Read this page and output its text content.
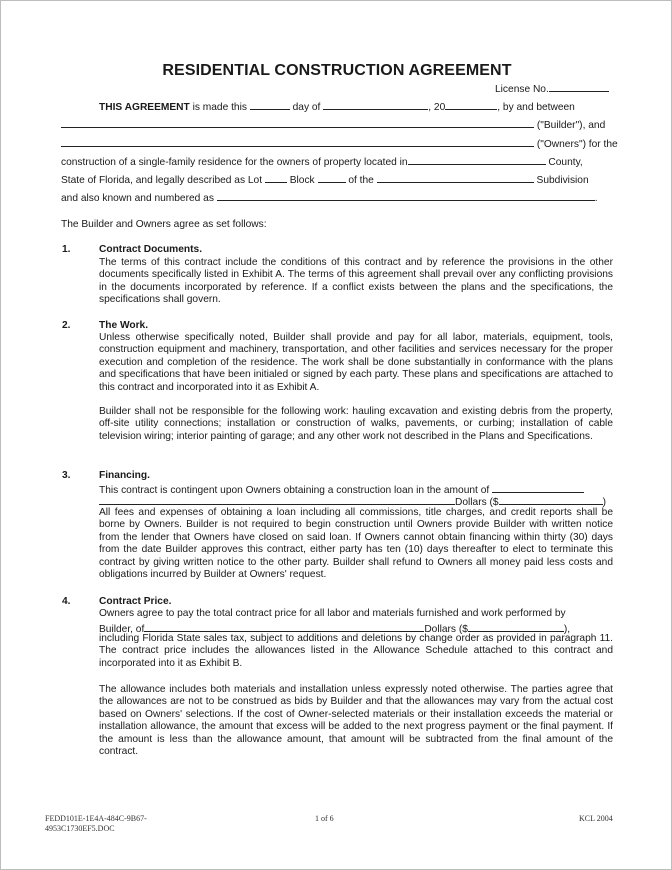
RESIDENTIAL CONSTRUCTION AGREEMENT
License No.
THIS AGREEMENT is made this	day of	, 20	, by and between
("Builder"), and
("Owners") for the
construction of a single-family residence for the owners of property located in	County,
State of Florida, and legally described as Lot	Block	of the	Subdivision
and also known and numbered as	.
The Builder and Owners agree as set follows:
1.	Contract Documents.

The terms of this contract include the conditions of this contract and by reference the provisions in the other documents specifically listed in Exhibit A. The terms of this agreement shall prevail over any conflicting provisions in the documents incorporated by reference. If a conflict exists between the plans and the specifications, the specifications shall govern.

2.	The Work.

Unless otherwise specifically noted, Builder shall provide and pay for all labor, materials, equipment, tools, construction equipment and machinery, transportation, and other facilities and services necessary for the proper execution and completion of the residence. The work shall be done substantially in conformance with the plans and specifications that have been initialed or signed by each party. These plans and specifications are attached to this contract and incorporated into it as Exhibit A.

Builder shall not be responsible for the following work: hauling excavation and existing debris from the property, off-site utility connections; installation or construction of walks, pavements, or curbing; installation of cable television wiring; interior painting of garage; and any other work not described in the Plans and Specifications.

3.	Financing.
This contract is contingent upon Owners obtaining a construction loan in the amount of
Dollars ($	)

All fees and expenses of obtaining a loan including all commissions, title charges, and credit reports shall be borne by Owners. Builder is not required to begin construction until Owners provide Builder with written notice from the lender that Owners have closed on said loan. If Owners cannot obtain financing within thirty (30) days from the date Builder approves this contract, either party has ten (10) days thereafter to elect to terminate this contract by giving written notice to the other party. Builder shall refund to Owners all money paid less costs and obligations incurred by Builder at Owners' request.

4.	Contract Price.
Owners agree to pay the total contract price for all labor and materials furnished and work performed by
Builder, of	Dollars ($	),

including Florida State sales tax, subject to additions and deletions by change order as provided in paragraph 11. The contract price includes the allowances listed in the Allowance Schedule attached to this contract and incorporated into it as Exhibit B.

The allowance includes both materials and installation unless expressly noted otherwise. The parties agree that the allowances are not to be construed as bids by Builder and that the allowances may vary from the actual cost based on Owners' selections. If the cost of Owner-selected materials or their installation exceeds the material or installation allowance, the amount that excess will be added to the next progress payment or the final payment. If the amount is less than the allowance amount, that amount will be subtracted from the final amount of the contract.

FEDD101E-1E4A-484C-9B67-
4953C1730EF5.DOC
1 of 6	KCL 2004
